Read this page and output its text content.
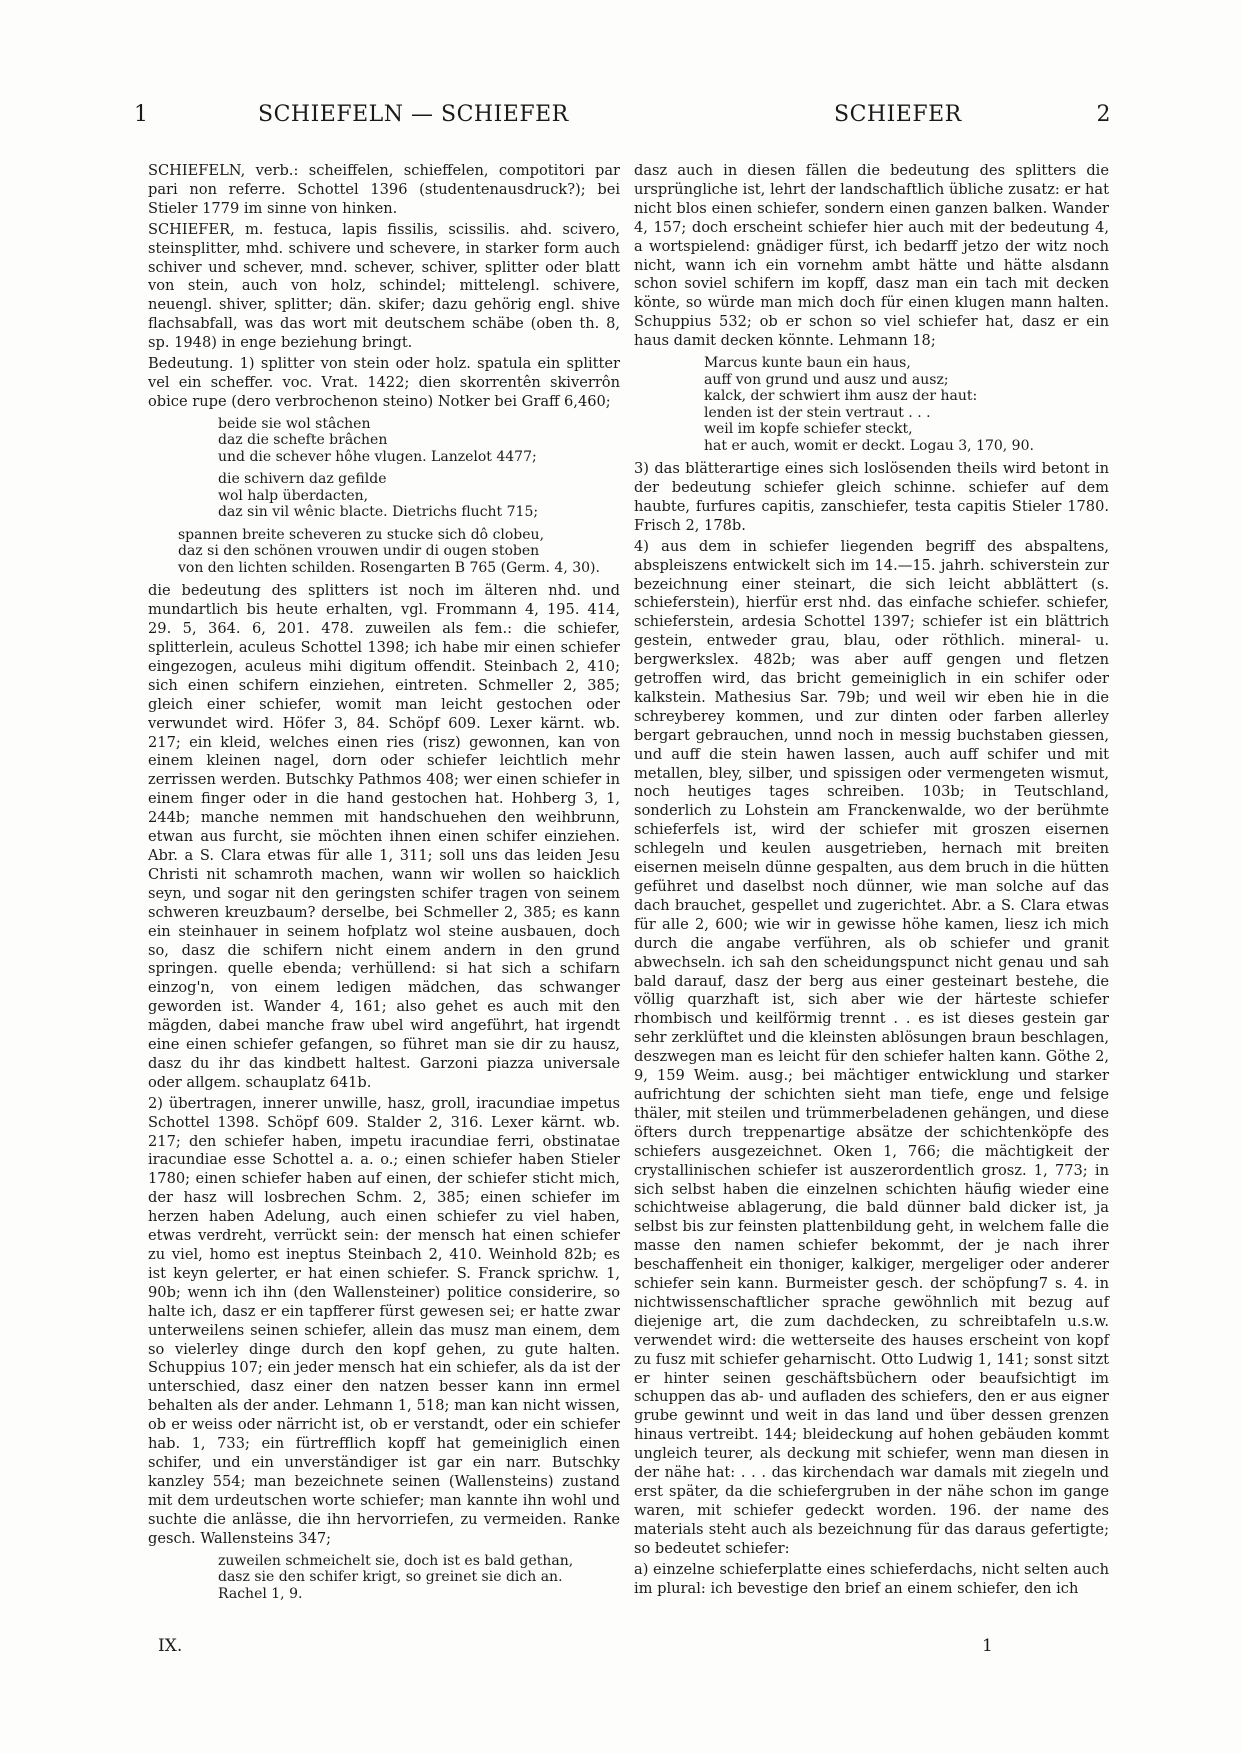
1	SCHIEFELN — SCHIEFER	SCHIEFER	2

SCHIEFELN, verb.: scheiffelen, schieffelen, compotitori par pari non referre. Schottel 1396 (studentenausdruck?); bei Stieler 1779 im sinne von hinken.

SCHIEFER, m. festuca, lapis fissilis, scissilis. ahd. scivero, steinsplitter, mhd. schivere und schevere, in starker form auch schiver und schever, mnd. schever, schiver, splitter oder blatt von stein, auch von holz, schindel; mittelengl. schivere, neuengl. shiver, splitter; dän. skifer; dazu gehörig engl. shive flachsabfall, was das wort mit deutschem schäbe (oben th. 8, sp. 1948) in enge beziehung bringt.

Bedeutung. 1) splitter von stein oder holz. spatula ein splitter vel ein scheffer. voc. Vrat. 1422; dien skorrentên skiverrôn obice rupe (dero verbrochenon steino) Notker bei Graff 6,460;

beide sie wol stâchen
daz die schefte brâchen
und die schever hôhe vlugen. Lanzelot 4477;
die schivern daz gefilde
wol halp überdacten,
daz sin vil wênic blacte. Dietrichs flucht 715;
spannen breite scheveren zu stucke sich dô clobeu,
daz si den schönen vrouwen undir di ougen stoben
von den lichten schilden. Rosengarten B 765 (Germ. 4, 30).

die bedeutung des splitters ist noch im älteren nhd. und mundartlich bis heute erhalten, vgl. Frommann 4, 195. 414, 29. 5, 364. 6, 201. 478. zuweilen als fem.: die schiefer, splitterlein, aculeus Schottel 1398; ich habe mir einen schiefer eingezogen, aculeus mihi digitum offendit. Steinbach 2, 410; sich einen schifern einziehen, eintreten. Schmeller 2, 385; gleich einer schiefer, womit man leicht gestochen oder verwundet wird. Höfer 3, 84. Schöpf 609. Lexer kärnt. wb. 217; ein kleid, welches einen ries (risz) gewonnen, kan von einem kleinen nagel, dorn oder schiefer leichtlich mehr zerrissen werden. Butschky Pathmos 408; wer einen schiefer in einem finger oder in die hand gestochen hat. Hohberg 3, 1, 244b; manche nemmen mit handschuehen den weihbrunn, etwan aus furcht, sie möchten ihnen einen schifer einziehen. Abr. a S. Clara etwas für alle 1, 311; soll uns das leiden Jesu Christi nit schamroth machen, wann wir wollen so haicklich seyn, und sogar nit den geringsten schifer tragen von seinem schweren kreuzbaum? derselbe, bei Schmeller 2, 385; es kann ein steinhauer in seinem hofplatz wol steine ausbauen, doch so, dasz die schifern nicht einem andern in den grund springen. quelle ebenda; verhüllend: si hat sich a schifarn einzog'n, von einem ledigen mädchen, das schwanger geworden ist. Wander 4, 161; also gehet es auch mit den mägden, dabei manche fraw ubel wird angeführt, hat irgendt eine einen schiefer gefangen, so führet man sie dir zu hausz, dasz du ihr das kindbett haltest. Garzoni piazza universale oder allgem. schauplatz 641b.

2) übertragen, innerer unwille, hasz, groll, iracundiae impetus Schottel 1398. Schöpf 609. Stalder 2, 316. Lexer kärnt. wb. 217; den schiefer haben, impetu iracundiae ferri, obstinatae iracundiae esse Schottel a. a. o.; einen schiefer haben Stieler 1780; einen schiefer haben auf einen, der schiefer sticht mich, der hasz will losbrechen Schm. 2, 385; einen schiefer im herzen haben Adelung, auch einen schiefer zu viel haben, etwas verdreht, verrückt sein: der mensch hat einen schiefer zu viel, homo est ineptus Steinbach 2, 410. Weinhold 82b; es ist keyn gelerter, er hat einen schiefer. S. Franck sprichw. 1, 90b; wenn ich ihn (den Wallensteiner) politice considerire, so halte ich, dasz er ein tapfferer fürst gewesen sei; er hatte zwar unterweilens seinen schiefer, allein das musz man einem, dem so vielerley dinge durch den kopf gehen, zu gute halten. Schuppius 107; ein jeder mensch hat ein schiefer, als da ist der unterschied, dasz einer den natzen besser kann inn ermel behalten als der ander. Lehmann 1, 518; man kan nicht wissen, ob er weiss oder närricht ist, ob er verstandt, oder ein schiefer hab. 1, 733; ein fürtrefflich kopff hat gemeiniglich einen schifer, und ein unverständiger ist gar ein narr. Butschky kanzley 554; man bezeichnete seinen (Wallensteins) zustand mit dem urdeutschen worte schiefer; man kannte ihn wohl und suchte die anlässe, die ihn hervorriefen, zu vermeiden. Ranke gesch. Wallensteins 347;

zuweilen schmeichelt sie, doch ist es bald gethan,
dasz sie den schifer krigt, so greinet sie dich an.
Rachel 1, 9.

dasz auch in diesen fällen die bedeutung des splitters die ursprüngliche ist, lehrt der landschaftlich übliche zusatz: er hat nicht blos einen schiefer, sondern einen ganzen balken. Wander 4, 157; doch erscheint schiefer hier auch mit der bedeutung 4, a wortspielend: gnädiger fürst, ich bedarff jetzo der witz noch nicht, wann ich ein vornehm ambt hätte und hätte alsdann schon soviel schifern im kopff, dasz man ein tach mit decken könte, so würde man mich doch für einen klugen mann halten. Schuppius 532; ob er schon so viel schiefer hat, dasz er ein haus damit decken könnte. Lehmann 18;

Marcus kunte baun ein haus,
auff von grund und ausz und ausz;
kalck, der schwiert ihm ausz der haut:
lenden ist der stein vertraut . . .
weil im kopfe schiefer steckt,
hat er auch, womit er deckt. Logau 3, 170, 90.

3) das blätterartige eines sich loslösenden theils wird betont in der bedeutung schiefer gleich schinne. schiefer auf dem haubte, furfures capitis, zanschiefer, testa capitis Stieler 1780. Frisch 2, 178b.

4) aus dem in schiefer liegenden begriff des abspaltens, abspleiszens entwickelt sich im 14.—15. jahrh. schiverstein zur bezeichnung einer steinart, die sich leicht abblättert (s. schieferstein), hierfür erst nhd. das einfache schiefer. schiefer, schieferstein, ardesia Schottel 1397; schiefer ist ein blättrich gestein, entweder grau, blau, oder röthlich. mineral- u. bergwerkslex. 482b; was aber auff gengen und fletzen getroffen wird, das bricht gemeiniglich in ein schifer oder kalkstein. Mathesius Sar. 79b; und weil wir eben hie in die schreyberey kommen, und zur dinten oder farben allerley bergart gebrauchen, unnd noch in messig buchstaben giessen, und auff die stein hawen lassen, auch auff schifer und mit metallen, bley, silber, und spissigen oder vermengeten wismut, noch heutiges tages schreiben. 103b; in Teutschland, sonderlich zu Lohstein am Franckenwalde, wo der berühmte schieferfels ist, wird der schiefer mit groszen eisernen schlegeln und keulen ausgetrieben, hernach mit breiten eisernen meiseln dünne gespalten, aus dem bruch in die hütten geführet und daselbst noch dünner, wie man solche auf das dach brauchet, gespellet und zugerichtet. Abr. a S. Clara etwas für alle 2, 600; wie wir in gewisse höhe kamen, liesz ich mich durch die angabe verführen, als ob schiefer und granit abwechseln. ich sah den scheidungspunct nicht genau und sah bald darauf, dasz der berg aus einer gesteinart bestehe, die völlig quarzhaft ist, sich aber wie der härteste schiefer rhombisch und keilförmig trennt . . es ist dieses gestein gar sehr zerklüftet und die kleinsten ablösungen braun beschlagen, deszwegen man es leicht für den schiefer halten kann. Göthe 2, 9, 159 Weim. ausg.; bei mächtiger entwicklung und starker aufrichtung der schichten sieht man tiefe, enge und felsige thäler, mit steilen und trümmerbeladenen gehängen, und diese öfters durch treppenartige absätze der schichtenköpfe des schiefers ausgezeichnet. Oken 1, 766; die mächtigkeit der crystallinischen schiefer ist auszerordentlich grosz. 1, 773; in sich selbst haben die einzelnen schichten häufig wieder eine schichtweise ablagerung, die bald dünner bald dicker ist, ja selbst bis zur feinsten plattenbildung geht, in welchem falle die masse den namen schiefer bekommt, der je nach ihrer beschaffenheit ein thoniger, kalkiger, mergeliger oder anderer schiefer sein kann. Burmeister gesch. der schöpfung7 s. 4. in nichtwissenschaftlicher sprache gewöhnlich mit bezug auf diejenige art, die zum dachdecken, zu schreibtafeln u.s.w. verwendet wird: die wetterseite des hauses erscheint von kopf zu fusz mit schiefer geharnischt. Otto Ludwig 1, 141; sonst sitzt er hinter seinen geschäftsbüchern oder beaufsichtigt im schuppen das ab- und aufladen des schiefers, den er aus eigner grube gewinnt und weit in das land und über dessen grenzen hinaus vertreibt. 144; bleideckung auf hohen gebäuden kommt ungleich teurer, als deckung mit schiefer, wenn man diesen in der nähe hat: . . . das kirchendach war damals mit ziegeln und erst später, da die schiefergruben in der nähe schon im gange waren, mit schiefer gedeckt worden. 196. der name des materials steht auch als bezeichnung für das daraus gefertigte; so bedeutet schiefer:

a) einzelne schieferplatte eines schieferdachs, nicht selten auch im plural: ich bevestige den brief an einem schiefer, den ich

IX.	1
